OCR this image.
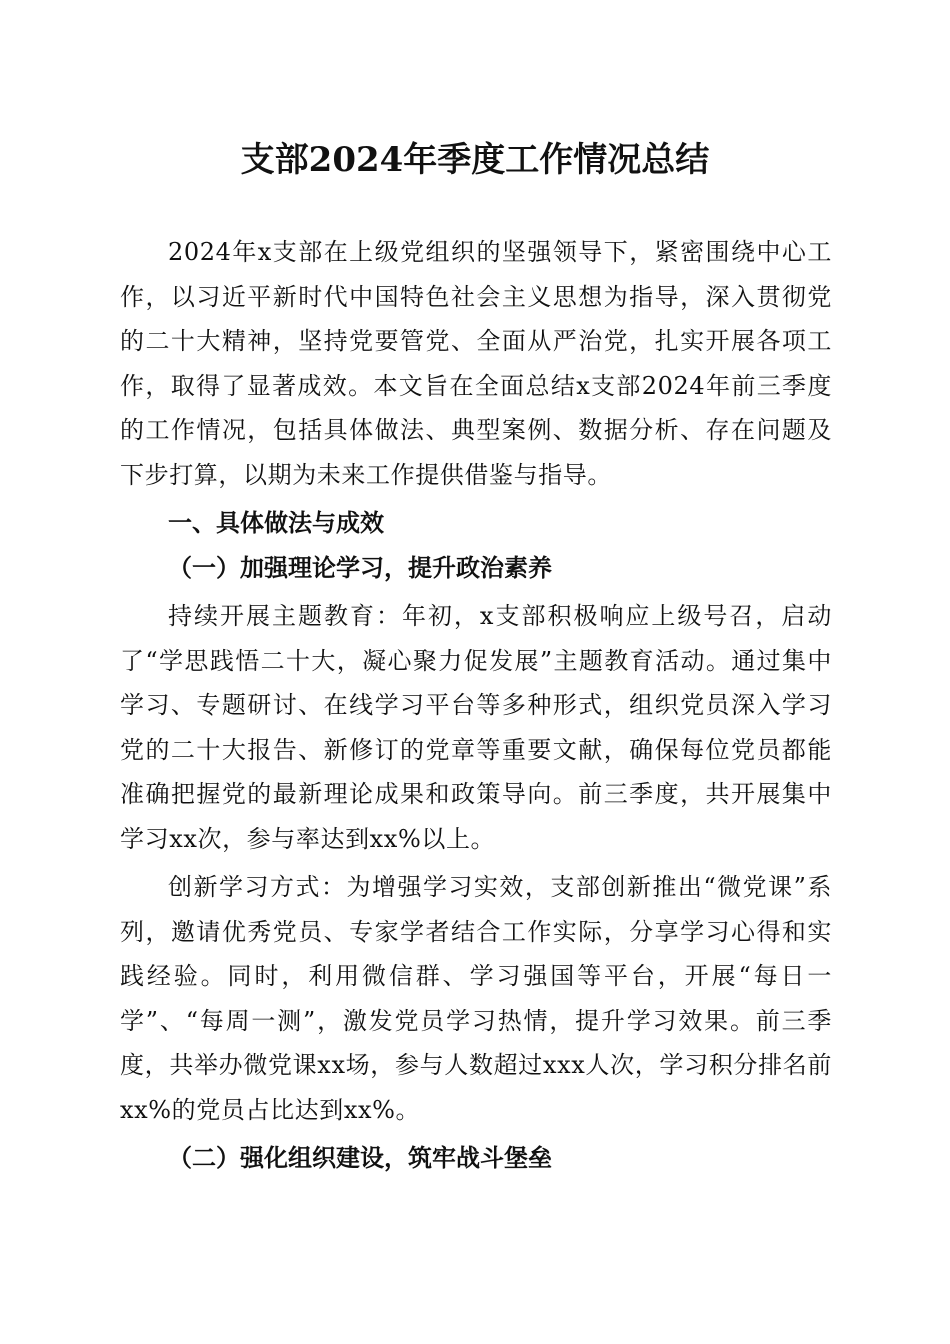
支部2024年季度工作情况总结

2024年x支部在上级党组织的坚强领导下，紧密围绕中心工作，以习近平新时代中国特色社会主义思想为指导，深入贯彻党的二十大精神，坚持党要管党、全面从严治党，扎实开展各项工作，取得了显著成效。本文旨在全面总结x支部2024年前三季度的工作情况，包括具体做法、典型案例、数据分析、存在问题及下步打算，以期为未来工作提供借鉴与指导。

一、具体做法与成效

（一）加强理论学习，提升政治素养

持续开展主题教育：年初，x支部积极响应上级号召，启动了“学思践悟二十大，凝心聚力促发展”主题教育活动。通过集中学习、专题研讨、在线学习平台等多种形式，组织党员深入学习党的二十大报告、新修订的党章等重要文献，确保每位党员都能准确把握党的最新理论成果和政策导向。前三季度，共开展集中学习xx次，参与率达到xx%以上。

创新学习方式：为增强学习实效，支部创新推出“微党课”系列，邀请优秀党员、专家学者结合工作实际，分享学习心得和实践经验。同时，利用微信群、学习强国等平台，开展“每日一学”、“每周一测”，激发党员学习热情，提升学习效果。前三季度，共举办微党课xx场，参与人数超过xxx人次，学习积分排名前xx%的党员占比达到xx%。

（二）强化组织建设，筑牢战斗堡垒
